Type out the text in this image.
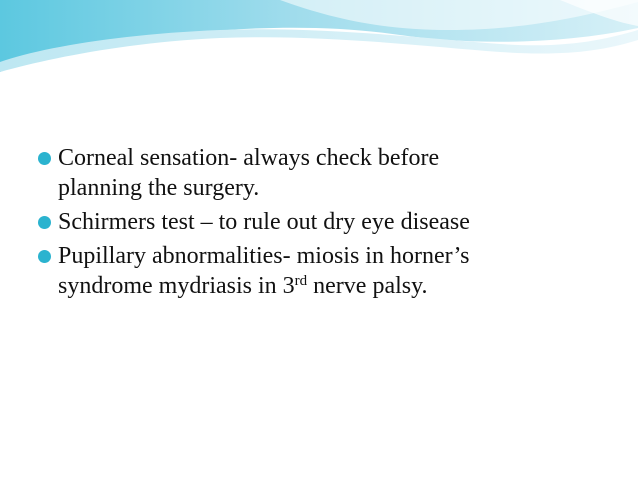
Corneal sensation- always check before
planning the surgery.
Schirmers test – to rule out dry eye disease
Pupillary abnormalities- miosis in horner’s
syndrome mydriasis in 3rd nerve palsy.
